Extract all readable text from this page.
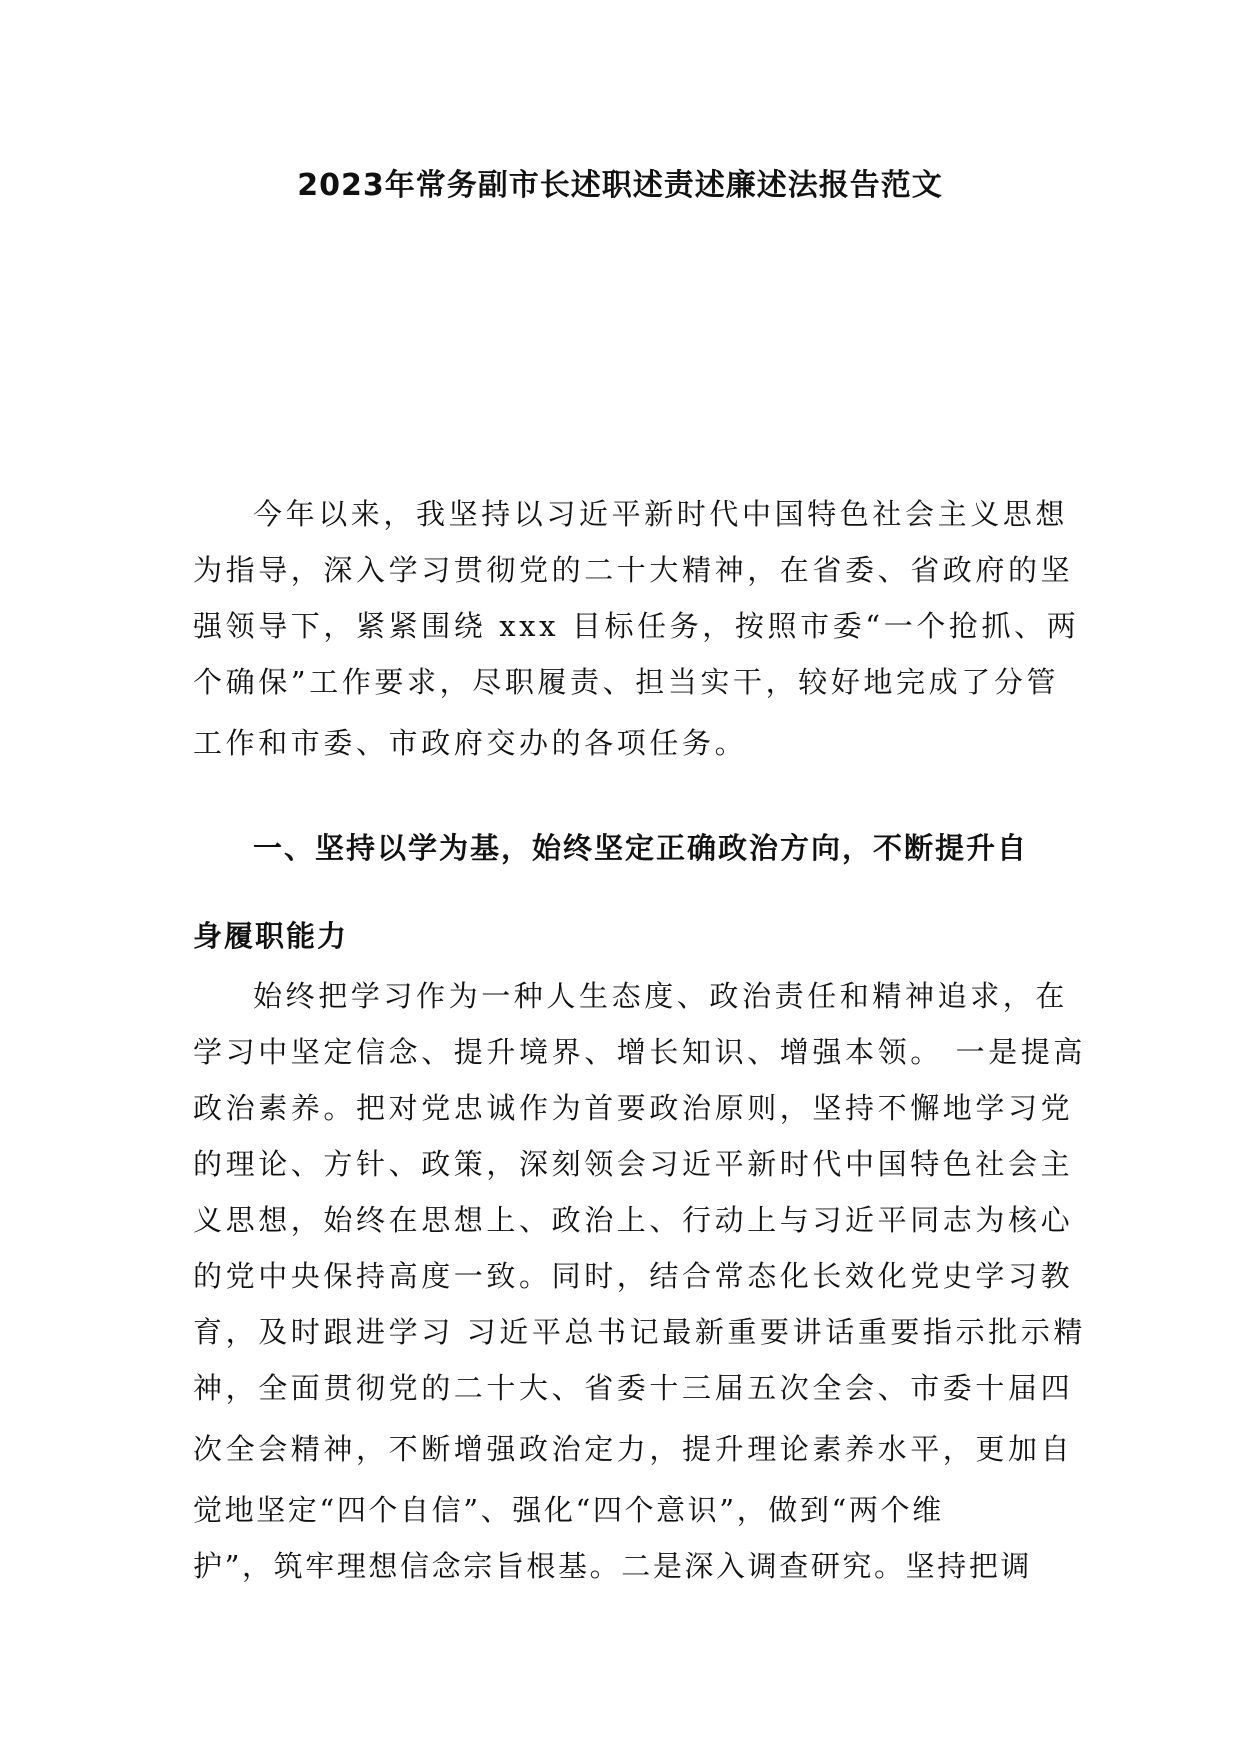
2023年常务副市长述职述责述廉述法报告范文
今年以来，我坚持以习近平新时代中国特色社会主义思想
为指导，深入学习贯彻党的二十大精神，在省委、省政府的坚
强领导下，紧紧围绕 xxx 目标任务，按照市委“一个抢抓、两
个确保”工作要求，尽职履责、担当实干，较好地完成了分管
工作和市委、市政府交办的各项任务。
一、坚持以学为基，始终坚定正确政治方向，不断提升自
身履职能力
始终把学习作为一种人生态度、政治责任和精神追求，在
学习中坚定信念、提升境界、增长知识、增强本领。 一是提高
政治素养。把对党忠诚作为首要政治原则，坚持不懈地学习党
的理论、方针、政策，深刻领会习近平新时代中国特色社会主
义思想，始终在思想上、政治上、行动上与习近平同志为核心
的党中央保持高度一致。同时，结合常态化长效化党史学习教
育，及时跟进学习 习近平总书记最新重要讲话重要指示批示精
神，全面贯彻党的二十大、省委十三届五次全会、市委十届四
次全会精神，不断增强政治定力，提升理论素养水平，更加自
觉地坚定“四个自信”、强化“四个意识”，做到“两个维
护”，筑牢理想信念宗旨根基。二是深入调查研究。坚持把调
